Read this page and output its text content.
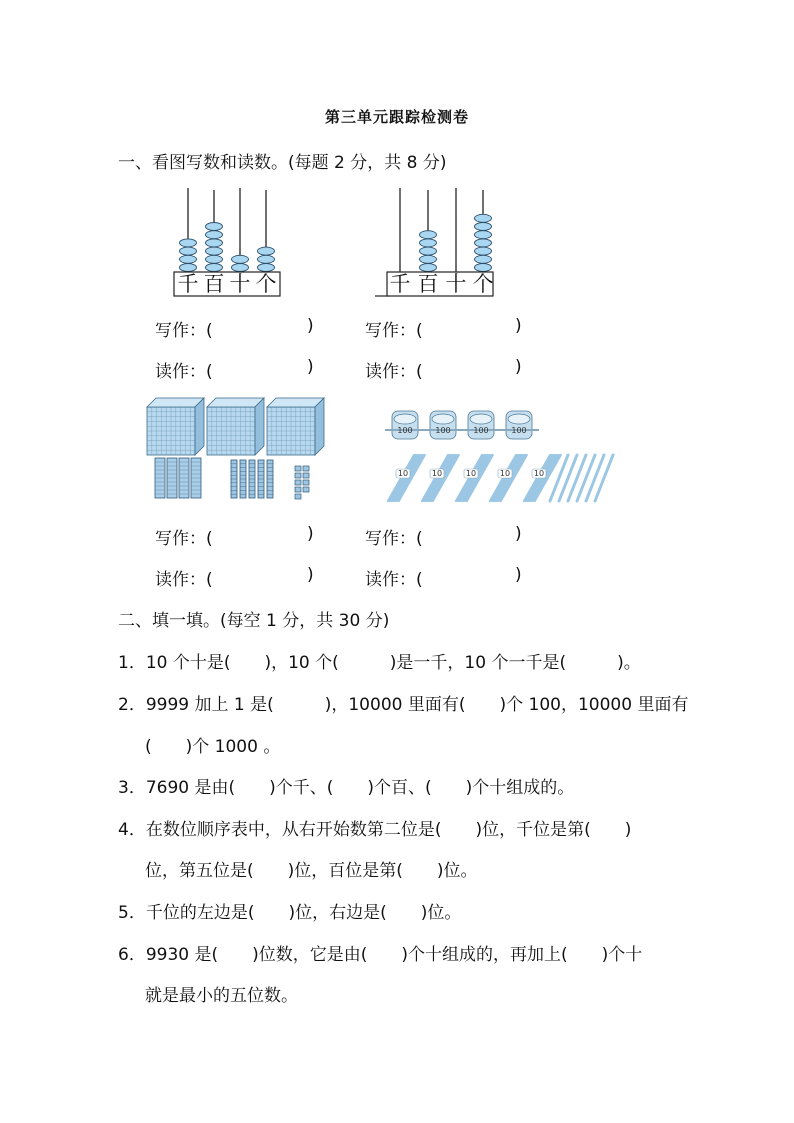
第三单元跟踪检测卷
一、看图写数和读数。(每题 2 分，共 8 分)
千 百 十 个	千 百 十 个
写作：(	)	写作：(	)
读作：(	)	读作：(	)
100	100	100	100
10	10	10	10	10
写作：(	)	写作：(	)
读作：(	)	读作：(	)
二、填一填。(每空 1 分，共 30 分)
1．10 个十是(　　)，10 个(　　　)是一千，10 个一千是(　　　)。
2．9999 加上 1 是(　　　)，10000 里面有(　　)个 100，10000 里面有
(　　)个 1000 。
3．7690 是由(　　)个千、(　　)个百、(　　)个十组成的。
4．在数位顺序表中，从右开始数第二位是(　　)位，千位是第(　　)
位，第五位是(　　)位，百位是第(　　)位。
5．千位的左边是(　　)位，右边是(　　)位。
6．9930 是(　　)位数，它是由(　　)个十组成的，再加上(　　)个十
就是最小的五位数。
